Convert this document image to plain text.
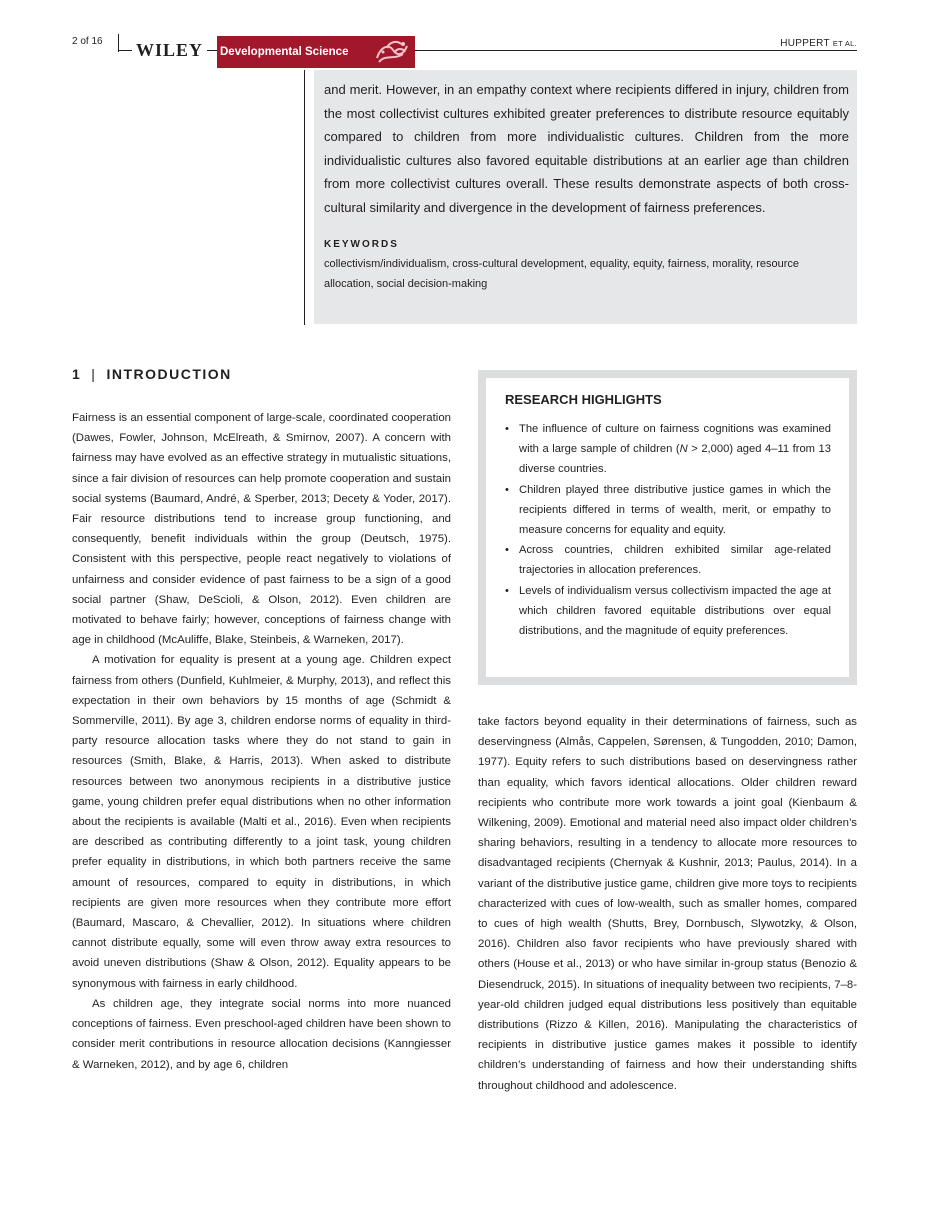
2 of 16 WILEY	Developmental Science
HUPPERT ET AL.

and merit. However, in an empathy context where recipients differed in injury, children from the most collectivist cultures exhibited greater preferences to distribute resource equitably compared to children from more individualistic cultures. Children from the more individualistic cultures also favored equitable distributions at an earlier age than children from more collectivist cultures overall. These results demonstrate aspects of both cross-cultural similarity and divergence in the development of fairness preferences.

KEYWORDS

collectivism/individualism, cross-cultural development, equality, equity, fairness, morality, resource allocation, social decision-making

1 | INTRODUCTION

Fairness is an essential component of large-scale, coordinated cooperation (Dawes, Fowler, Johnson, McElreath, & Smirnov, 2007). A concern with fairness may have evolved as an effective strategy in mutualistic situations, since a fair division of resources can help promote cooperation and sustain social systems (Baumard, André, & Sperber, 2013; Decety & Yoder, 2017). Fair resource distributions tend to increase group functioning, and consequently, benefit individuals within the group (Deutsch, 1975). Consistent with this perspective, people react negatively to violations of unfairness and consider evidence of past fairness to be a sign of a good social partner (Shaw, DeScioli, & Olson, 2012). Even children are motivated to behave fairly; however, conceptions of fairness change with age in childhood (McAuliffe, Blake, Steinbeis, & Warneken, 2017).

A motivation for equality is present at a young age. Children expect fairness from others (Dunfield, Kuhlmeier, & Murphy, 2013), and reflect this expectation in their own behaviors by 15 months of age (Schmidt & Sommerville, 2011). By age 3, children endorse norms of equality in third-party resource allocation tasks where they do not stand to gain in resources (Smith, Blake, & Harris, 2013). When asked to distribute resources between two anonymous recipients in a distributive justice game, young children prefer equal distributions when no other information about the recipients is available (Malti et al., 2016). Even when recipients are described as contributing differently to a joint task, young children prefer equality in distributions, in which both partners receive the same amount of resources, compared to equity in distributions, in which recipients are given more resources when they contribute more effort (Baumard, Mascaro, & Chevallier, 2012). In situations where children cannot distribute equally, some will even throw away extra resources to avoid uneven distributions (Shaw & Olson, 2012). Equality appears to be synonymous with fairness in early childhood.

As children age, they integrate social norms into more nuanced conceptions of fairness. Even preschool-aged children have been shown to consider merit contributions in resource allocation decisions (Kanngiesser & Warneken, 2012), and by age 6, children

RESEARCH HIGHLIGHTS
• The influence of culture on fairness cognitions was examined with a large sample of children (N > 2,000) aged 4–11 from 13 diverse countries.
• Children played three distributive justice games in which the recipients differed in terms of wealth, merit, or empathy to measure concerns for equality and equity.
• Across countries, children exhibited similar age-related trajectories in allocation preferences.
• Levels of individualism versus collectivism impacted the age at which children favored equitable distributions over equal distributions, and the magnitude of equity preferences.

take factors beyond equality in their determinations of fairness, such as deservingness (Almås, Cappelen, Sørensen, & Tungodden, 2010; Damon, 1977). Equity refers to such distributions based on deservingness rather than equality, which favors identical allocations. Older children reward recipients who contribute more work towards a joint goal (Kienbaum & Wilkening, 2009). Emotional and material need also impact older children’s sharing behaviors, resulting in a tendency to allocate more resources to disadvantaged recipients (Chernyak & Kushnir, 2013; Paulus, 2014). In a variant of the distributive justice game, children give more toys to recipients characterized with cues of low-wealth, such as smaller homes, compared to cues of high wealth (Shutts, Brey, Dornbusch, Slywotzky, & Olson, 2016). Children also favor recipients who have previously shared with others (House et al., 2013) or who have similar in-group status (Benozio & Diesendruck, 2015). In situations of inequality between two recipients, 7–8-year-old children judged equal distributions less positively than equitable distributions (Rizzo & Killen, 2016). Manipulating the characteristics of recipients in distributive justice games makes it possible to identify children’s understanding of fairness and how their understanding shifts throughout childhood and adolescence.
